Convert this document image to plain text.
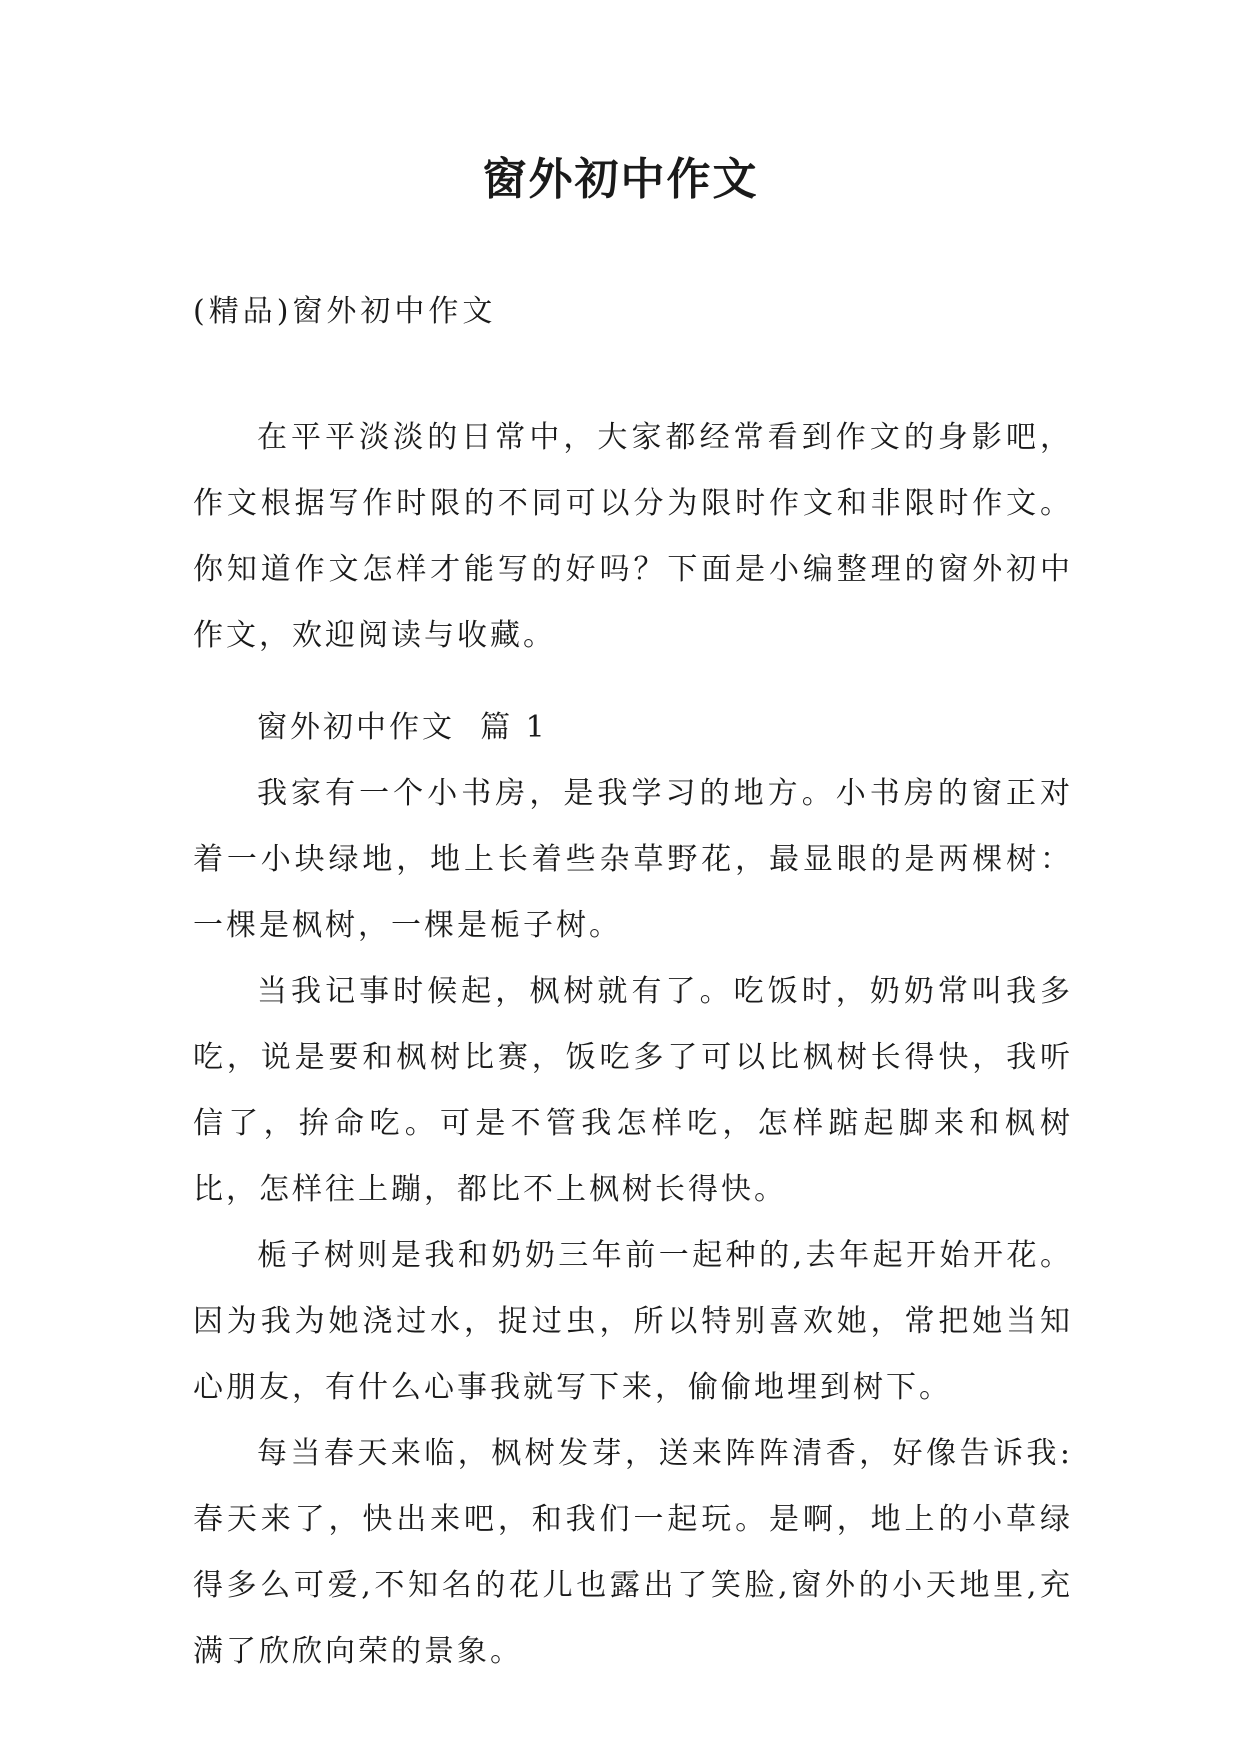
窗外初中作文
(精品)窗外初中作文

在平平淡淡的日常中，大家都经常看到作文的身影吧，作文根据写作时限的不同可以分为限时作文和非限时作文。你知道作文怎样才能写的好吗？下面是小编整理的窗外初中作文，欢迎阅读与收藏。

窗外初中作文  篇 1

我家有一个小书房，是我学习的地方。小书房的窗正对着一小块绿地，地上长着些杂草野花，最显眼的是两棵树：一棵是枫树，一棵是栀子树。

当我记事时候起，枫树就有了。吃饭时，奶奶常叫我多吃，说是要和枫树比赛，饭吃多了可以比枫树长得快，我听信了，拚命吃。可是不管我怎样吃，怎样踮起脚来和枫树比，怎样往上蹦，都比不上枫树长得快。

栀子树则是我和奶奶三年前一起种的,去年起开始开花。因为我为她浇过水，捉过虫，所以特别喜欢她，常把她当知心朋友，有什么心事我就写下来，偷偷地埋到树下。

每当春天来临，枫树发芽，送来阵阵清香，好像告诉我:春天来了，快出来吧，和我们一起玩。是啊，地上的小草绿得多么可爱,不知名的花儿也露出了笑脸,窗外的小天地里,充满了欣欣向荣的景象。
